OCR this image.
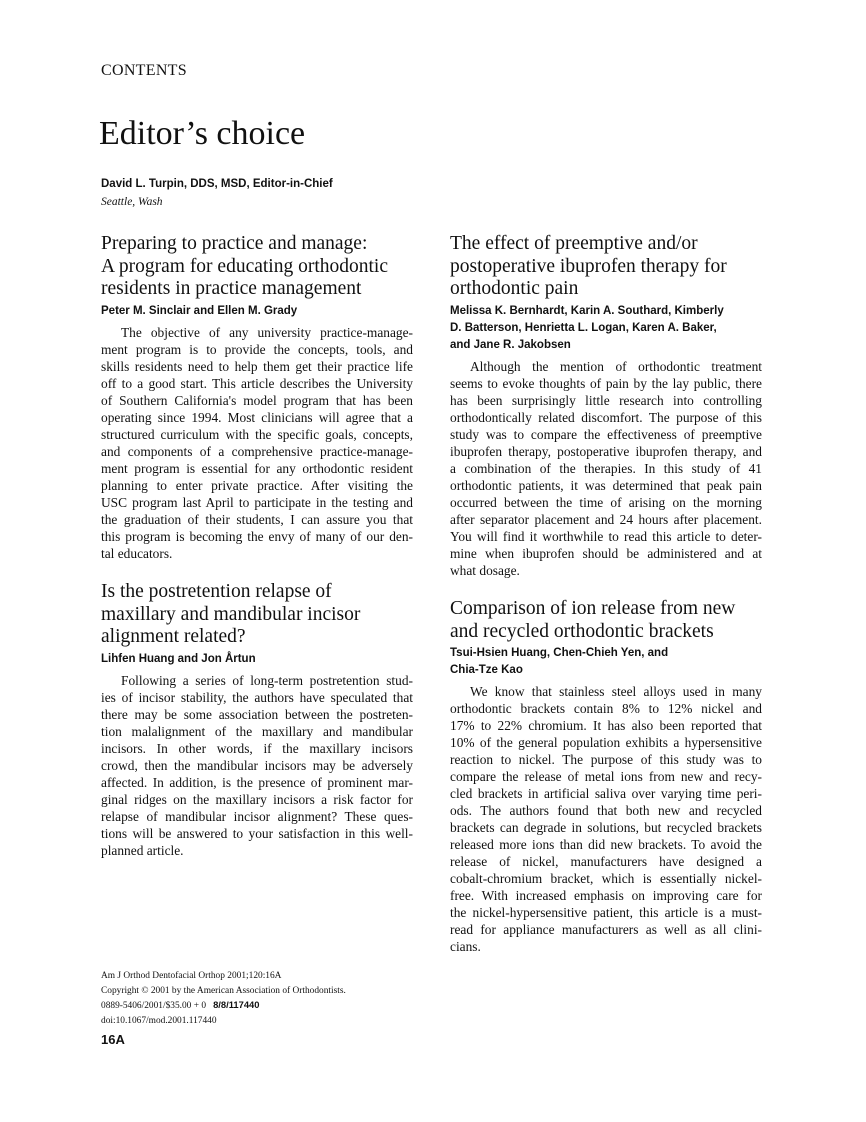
CONTENTS
Editor’s choice
David L. Turpin, DDS, MSD, Editor-in-Chief
Seattle, Wash
Preparing to practice and manage:
A program for educating orthodontic
residents in practice management
Peter M. Sinclair and Ellen M. Grady
The objective of any university practice-manage-
ment program is to provide the concepts, tools, and
skills residents need to help them get their practice life
off to a good start. This article describes the University
of Southern California's model program that has been
operating since 1994. Most clinicians will agree that a
structured curriculum with the specific goals, concepts,
and components of a comprehensive practice-manage-
ment program is essential for any orthodontic resident
planning to enter private practice. After visiting the
USC program last April to participate in the testing and
the graduation of their students, I can assure you that
this program is becoming the envy of many of our den-
tal educators.
Is the postretention relapse of
maxillary and mandibular incisor
alignment related?
Lihfen Huang and Jon Årtun
Following a series of long-term postretention stud-
ies of incisor stability, the authors have speculated that
there may be some association between the postreten-
tion malalignment of the maxillary and mandibular
incisors. In other words, if the maxillary incisors
crowd, then the mandibular incisors may be adversely
affected. In addition, is the presence of prominent mar-
ginal ridges on the maxillary incisors a risk factor for
relapse of mandibular incisor alignment? These ques-
tions will be answered to your satisfaction in this well-
planned article.
The effect of preemptive and/or
postoperative ibuprofen therapy for
orthodontic pain
Melissa K. Bernhardt, Karin A. Southard, Kimberly
D. Batterson, Henrietta L. Logan, Karen A. Baker,
and Jane R. Jakobsen
Although the mention of orthodontic treatment
seems to evoke thoughts of pain by the lay public, there
has been surprisingly little research into controlling
orthodontically related discomfort. The purpose of this
study was to compare the effectiveness of preemptive
ibuprofen therapy, postoperative ibuprofen therapy, and
a combination of the therapies. In this study of 41
orthodontic patients, it was determined that peak pain
occurred between the time of arising on the morning
after separator placement and 24 hours after placement.
You will find it worthwhile to read this article to deter-
mine when ibuprofen should be administered and at
what dosage.
Comparison of ion release from new
and recycled orthodontic brackets
Tsui-Hsien Huang, Chen-Chieh Yen, and
Chia-Tze Kao
We know that stainless steel alloys used in many
orthodontic brackets contain 8% to 12% nickel and
17% to 22% chromium. It has also been reported that
10% of the general population exhibits a hypersensitive
reaction to nickel. The purpose of this study was to
compare the release of metal ions from new and recy-
cled brackets in artificial saliva over varying time peri-
ods. The authors found that both new and recycled
brackets can degrade in solutions, but recycled brackets
released more ions than did new brackets. To avoid the
release of nickel, manufacturers have designed a
cobalt-chromium bracket, which is essentially nickel-
free. With increased emphasis on improving care for
the nickel-hypersensitive patient, this article is a must-
read for appliance manufacturers as well as all clini-
cians.
Am J Orthod Dentofacial Orthop 2001;120:16A
Copyright © 2001 by the American Association of Orthodontists.
0889-5406/2001/$35.00 + 0 8/8/117440
doi:10.1067/mod.2001.117440
16A
